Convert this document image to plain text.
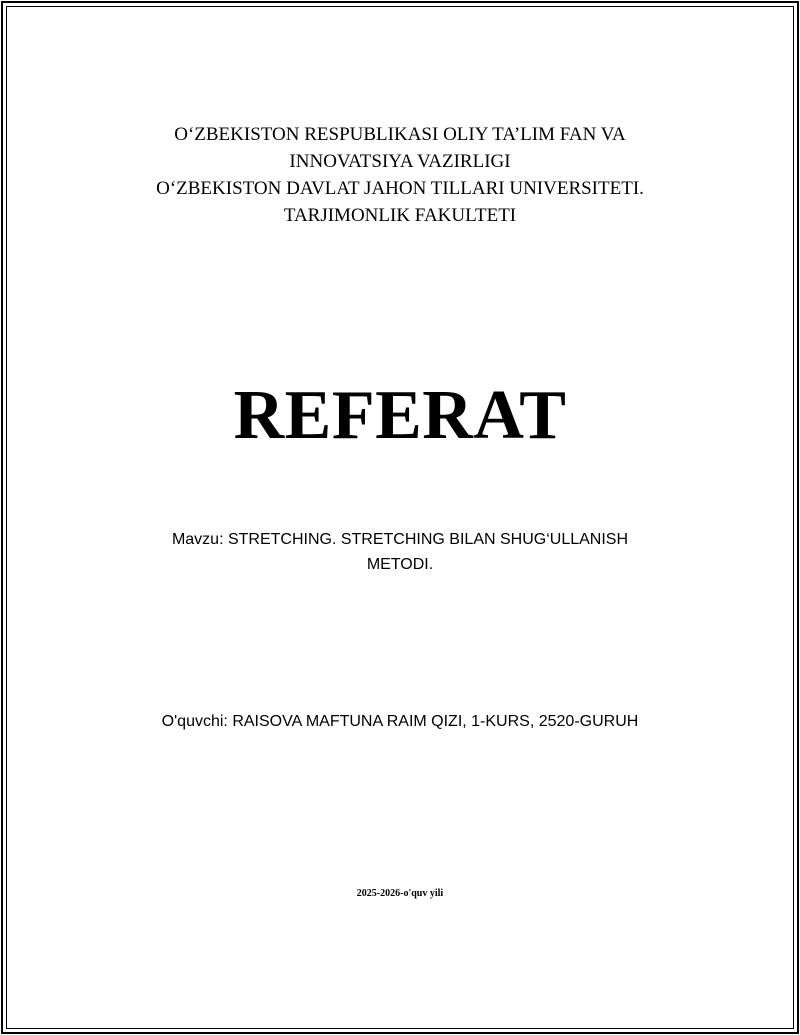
O‘ZBEKISTON RESPUBLIKASI OLIY TA’LIM FAN VA
INNOVATSIYA VAZIRLIGI
O‘ZBEKISTON DAVLAT JAHON TILLARI UNIVERSITETI.
TARJIMONLIK FAKULTETI
REFERAT
Mavzu: STRETCHING. STRETCHING BILAN SHUG‘ULLANISH
METODI.
O'quvchi: RAISOVA MAFTUNA RAIM QIZI, 1-KURS, 2520-GURUH
2025-2026-o'quv yili
